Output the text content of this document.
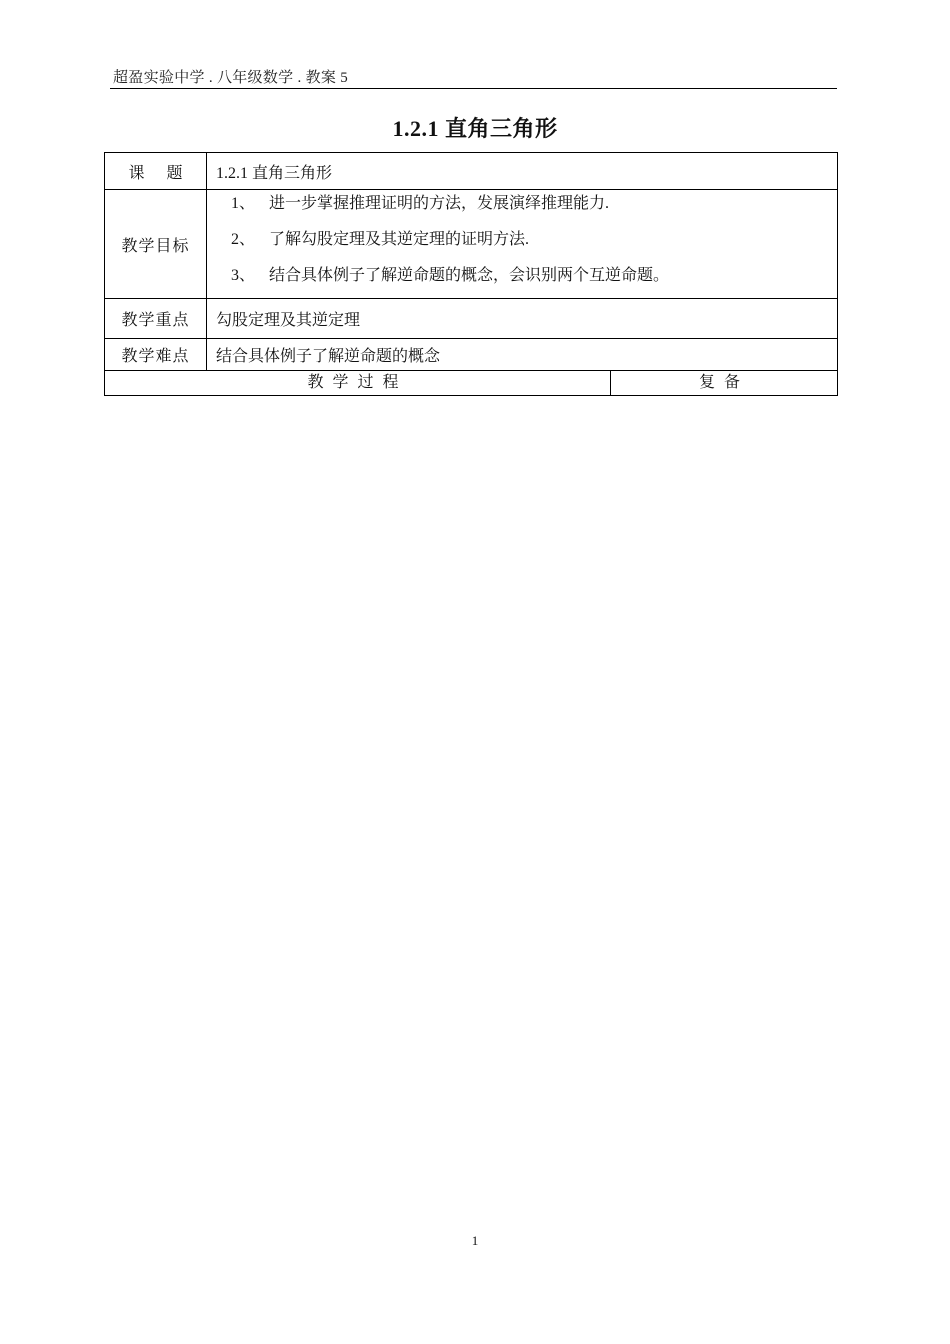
超盈实验中学 . 八年级数学 . 教案 5
1.2.1 直角三角形
课 题	1.2.1 直角三角形	
教学目标	1、 进一步掌握推理证明的方法，发展演绎推理能力.
2、 了解勾股定理及其逆定理的证明方法.
3、 结合具体例子了解逆命题的概念，会识别两个互逆命题。	

教学重点	勾股定理及其逆定理	
教学难点	结合具体例子了解逆命题的概念	
教学过程		复备
1
